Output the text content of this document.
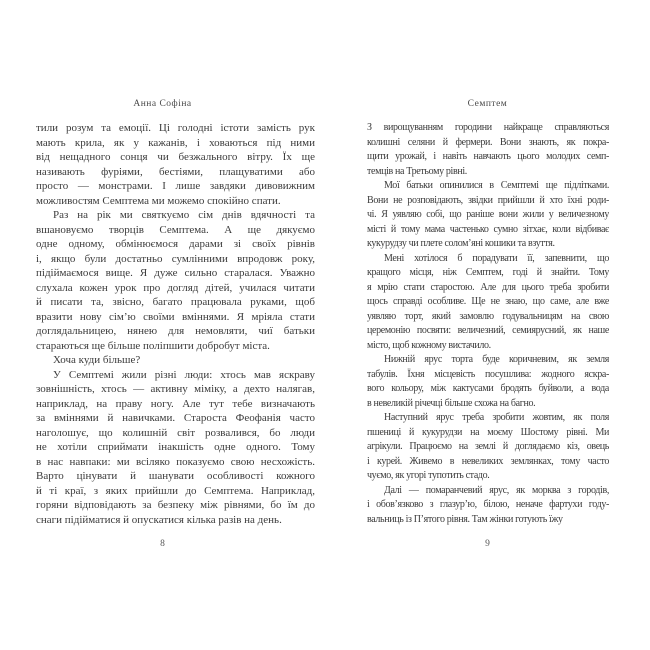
Анна Софіна
тили розум та емоції. Ці голодні істоти замість рук
мають крила, як у кажанів, і ховаються під ними
від нещадного сонця чи безжального вітру. Їх ще
називають фуріями, бестіями, плащуватими або
просто — монстрами. І лише завдяки дивовижним
можливостям Семптема ми можемо спокійно спати.
Раз на рік ми святкуємо сім днів вдячності та
вшановуємо творців Семптема. А ще дякуємо
одне одному, обмінюємося дарами зі своїх рівнів
і, якщо були достатньо сумлінними впродовж року,
підіймаємося вище. Я дуже сильно старалася. Уважно
слухала кожен урок про догляд дітей, училася читати
й писати та, звісно, багато працювала руками, щоб
вразити нову сім’ю своїми вміннями. Я мріяла стати
доглядальницею, нянею для немовляти, чиї батьки
стараються ще більше поліпшити добробут міста.
Хоча куди більше?
У Семптемі жили різні люди: хтось мав яскраву
зовнішність, хтось — активну міміку, а дехто налягав,
наприклад, на праву ногу. Але тут тебе визначають
за вміннями й навичками. Староста Феофанія часто
наголошує, що колишній світ розвалився, бо люди
не хотіли сприймати інакшість одне одного. Тому
в нас навпаки: ми всіляко показуємо свою несхожість.
Варто цінувати й шанувати особливості кожного
й ті краї, з яких прийшли до Семптема. Наприклад,
горяни відповідають за безпеку між рівнями, бо їм до
снаги підійматися й опускатися кілька разів на день.
8
Семптем
З вирощуванням городини найкраще справляються
колишні селяни й фермери. Вони знають, як покра-
щити урожай, і навіть навчають цього молодих семп-
темців на Третьому рівні.
Мої батьки опинилися в Семптемі ще підлітками.
Вони не розповідають, звідки прийшли й хто їхні роди-
чі. Я уявляю собі, що раніше вони жили у величезному
місті й тому мама частенько сумно зітхає, коли відбиває
кукурудзу чи плете солом’яні кошики та взуття.
Мені хотілося б порадувати її, запевнити, що
кращого місця, ніж Семптем, годі й знайти. Тому
я мрію стати старостою. Але для цього треба зробити
щось справді особливе. Ще не знаю, що саме, але вже
уявляю торт, який замовлю годувальницям на свою
церемонію посвяти: величезний, семиярусний, як наше
місто, щоб кожному вистачило.
Нижній ярус торта буде коричневим, як земля
табулів. Їхня місцевість посушлива: жодного яскра-
вого кольору, між кактусами бродять буйволи, а вода
в невеликій річечці більше схожа на багно.
Наступний ярус треба зробити жовтим, як поля
пшениці й кукурудзи на моєму Шостому рівні. Ми
агрікули. Працюємо на землі й доглядаємо кіз, овець
і курей. Живемо в невеликих землянках, тому часто
чуємо, як угорі тупотить стадо.
Далі — помаранчевий ярус, як морква з городів,
і обов’язково з глазур’ю, білою, неначе фартухи году-
вальниць із П’ятого рівня. Там жінки готують їжу
9
